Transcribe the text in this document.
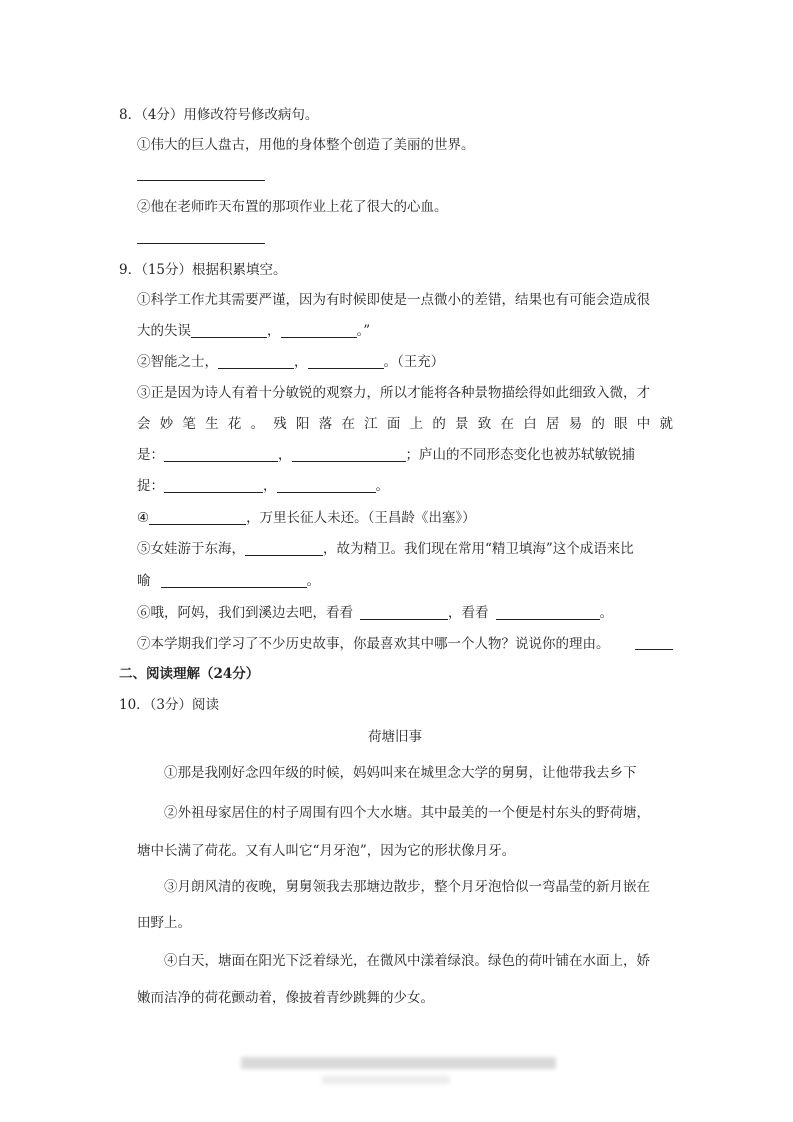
8．（4分）用修改符号修改病句。
①伟大的巨人盘古，用他的身体整个创造了美丽的世界。
②他在老师昨天布置的那项作业上花了很大的心血。
9．（15分）根据积累填空。
①科学工作尤其需要严谨，因为有时候即使是一点微小的差错，结果也有可能会造成很
大的失误	，	。”
②智能之士，	，	。（王充）
③正是因为诗人有着十分敏锐的观察力，所以才能将各种景物描绘得如此细致入微，才
会妙笔生花。残阳落在江面上的景致在白居易的眼中就
是：	，	；庐山的不同形态变化也被苏轼敏锐捕
捉：	，	。
④	，万里长征人未还。（王昌龄《出塞》）
⑤女娃游于东海，	，故为精卫。我们现在常用“精卫填海”这个成语来比
喻	。
⑥哦，阿妈，我们到溪边去吧，看看	，看看	。
⑦本学期我们学习了不少历史故事，你最喜欢其中哪一个人物？说说你的理由。
二、阅读理解（24分）
10．（3分）阅读
荷塘旧事
①那是我刚好念四年级的时候，妈妈叫来在城里念大学的舅舅，让他带我去乡下
②外祖母家居住的村子周围有四个大水塘。其中最美的一个便是村东头的野荷塘，
塘中长满了荷花。又有人叫它“月牙泡”，因为它的形状像月牙。
③月朗风清的夜晚，舅舅领我去那塘边散步，整个月牙泡恰似一弯晶莹的新月嵌在
田野上。
④白天，塘面在阳光下泛着绿光，在微风中漾着绿浪。绿色的荷叶铺在水面上，娇
嫩而洁净的荷花颤动着，像披着青纱跳舞的少女。
